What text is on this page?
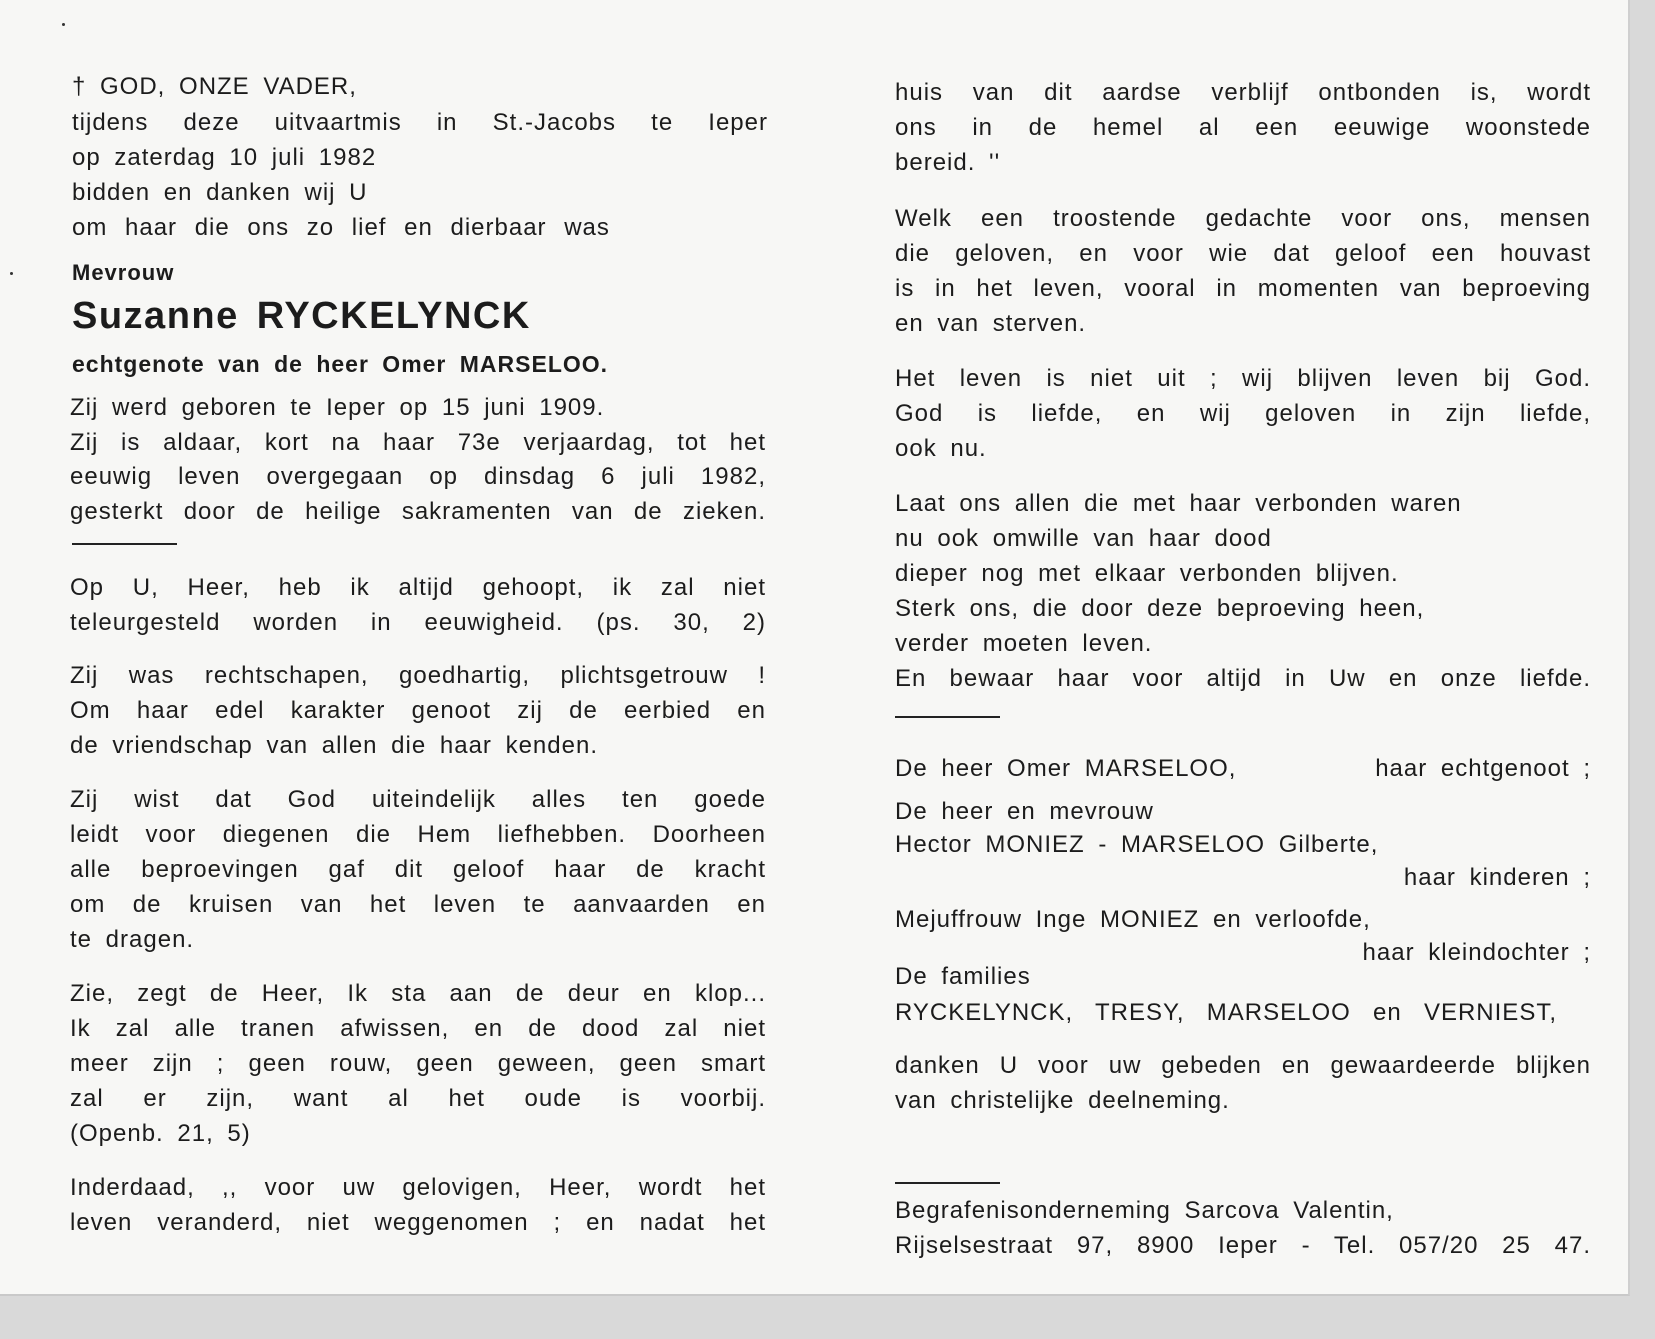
† GOD, ONZE VADER,
tijdens deze uitvaartmis in St.-Jacobs te Ieper
op zaterdag 10 juli 1982
bidden en danken wij U
om haar die ons zo lief en dierbaar was
Mevrouw
Suzanne RYCKELYNCK
echtgenote van de heer Omer MARSELOO.
Zij werd geboren te Ieper op 15 juni 1909.
Zij is aldaar, kort na haar 73e verjaardag, tot het
eeuwig leven overgegaan op dinsdag 6 juli 1982,
gesterkt door de heilige sakramenten van de zieken.
Op U, Heer, heb ik altijd gehoopt, ik zal niet
teleurgesteld worden in eeuwigheid. (ps. 30, 2)
Zij was rechtschapen, goedhartig, plichtsgetrouw !
Om haar edel karakter genoot zij de eerbied en
de vriendschap van allen die haar kenden.
Zij wist dat God uiteindelijk alles ten goede
leidt voor diegenen die Hem liefhebben. Doorheen
alle beproevingen gaf dit geloof haar de kracht
om de kruisen van het leven te aanvaarden en
te dragen.
Zie, zegt de Heer, Ik sta aan de deur en klop...
Ik zal alle tranen afwissen, en de dood zal niet
meer zijn ; geen rouw, geen geween, geen smart
zal er zijn, want al het oude is voorbij.
(Openb. 21, 5)
Inderdaad, ,, voor uw gelovigen, Heer, wordt het
leven veranderd, niet weggenomen ; en nadat het
huis van dit aardse verblijf ontbonden is, wordt
ons in de hemel al een eeuwige woonstede
bereid. ''
Welk een troostende gedachte voor ons, mensen
die geloven, en voor wie dat geloof een houvast
is in het leven, vooral in momenten van beproeving
en van sterven.
Het leven is niet uit ; wij blijven leven bij God.
God is liefde, en wij geloven in zijn liefde,
ook nu.
Laat ons allen die met haar verbonden waren
nu ook omwille van haar dood
dieper nog met elkaar verbonden blijven.
Sterk ons, die door deze beproeving heen,
verder moeten leven.
En bewaar haar voor altijd in Uw en onze liefde.
De heer Omer MARSELOO,	haar echtgenoot ;
De heer en mevrouw
Hector MONIEZ - MARSELOO Gilberte,
haar kinderen ;
Mejuffrouw Inge MONIEZ en verloofde,
haar kleindochter ;
De families
RYCKELYNCK, TRESY, MARSELOO en VERNIEST,
danken U voor uw gebeden en gewaardeerde blijken
van christelijke deelneming.
Begrafenisonderneming Sarcova Valentin,
Rijselsestraat 97, 8900 Ieper - Tel. 057/20 25 47.
